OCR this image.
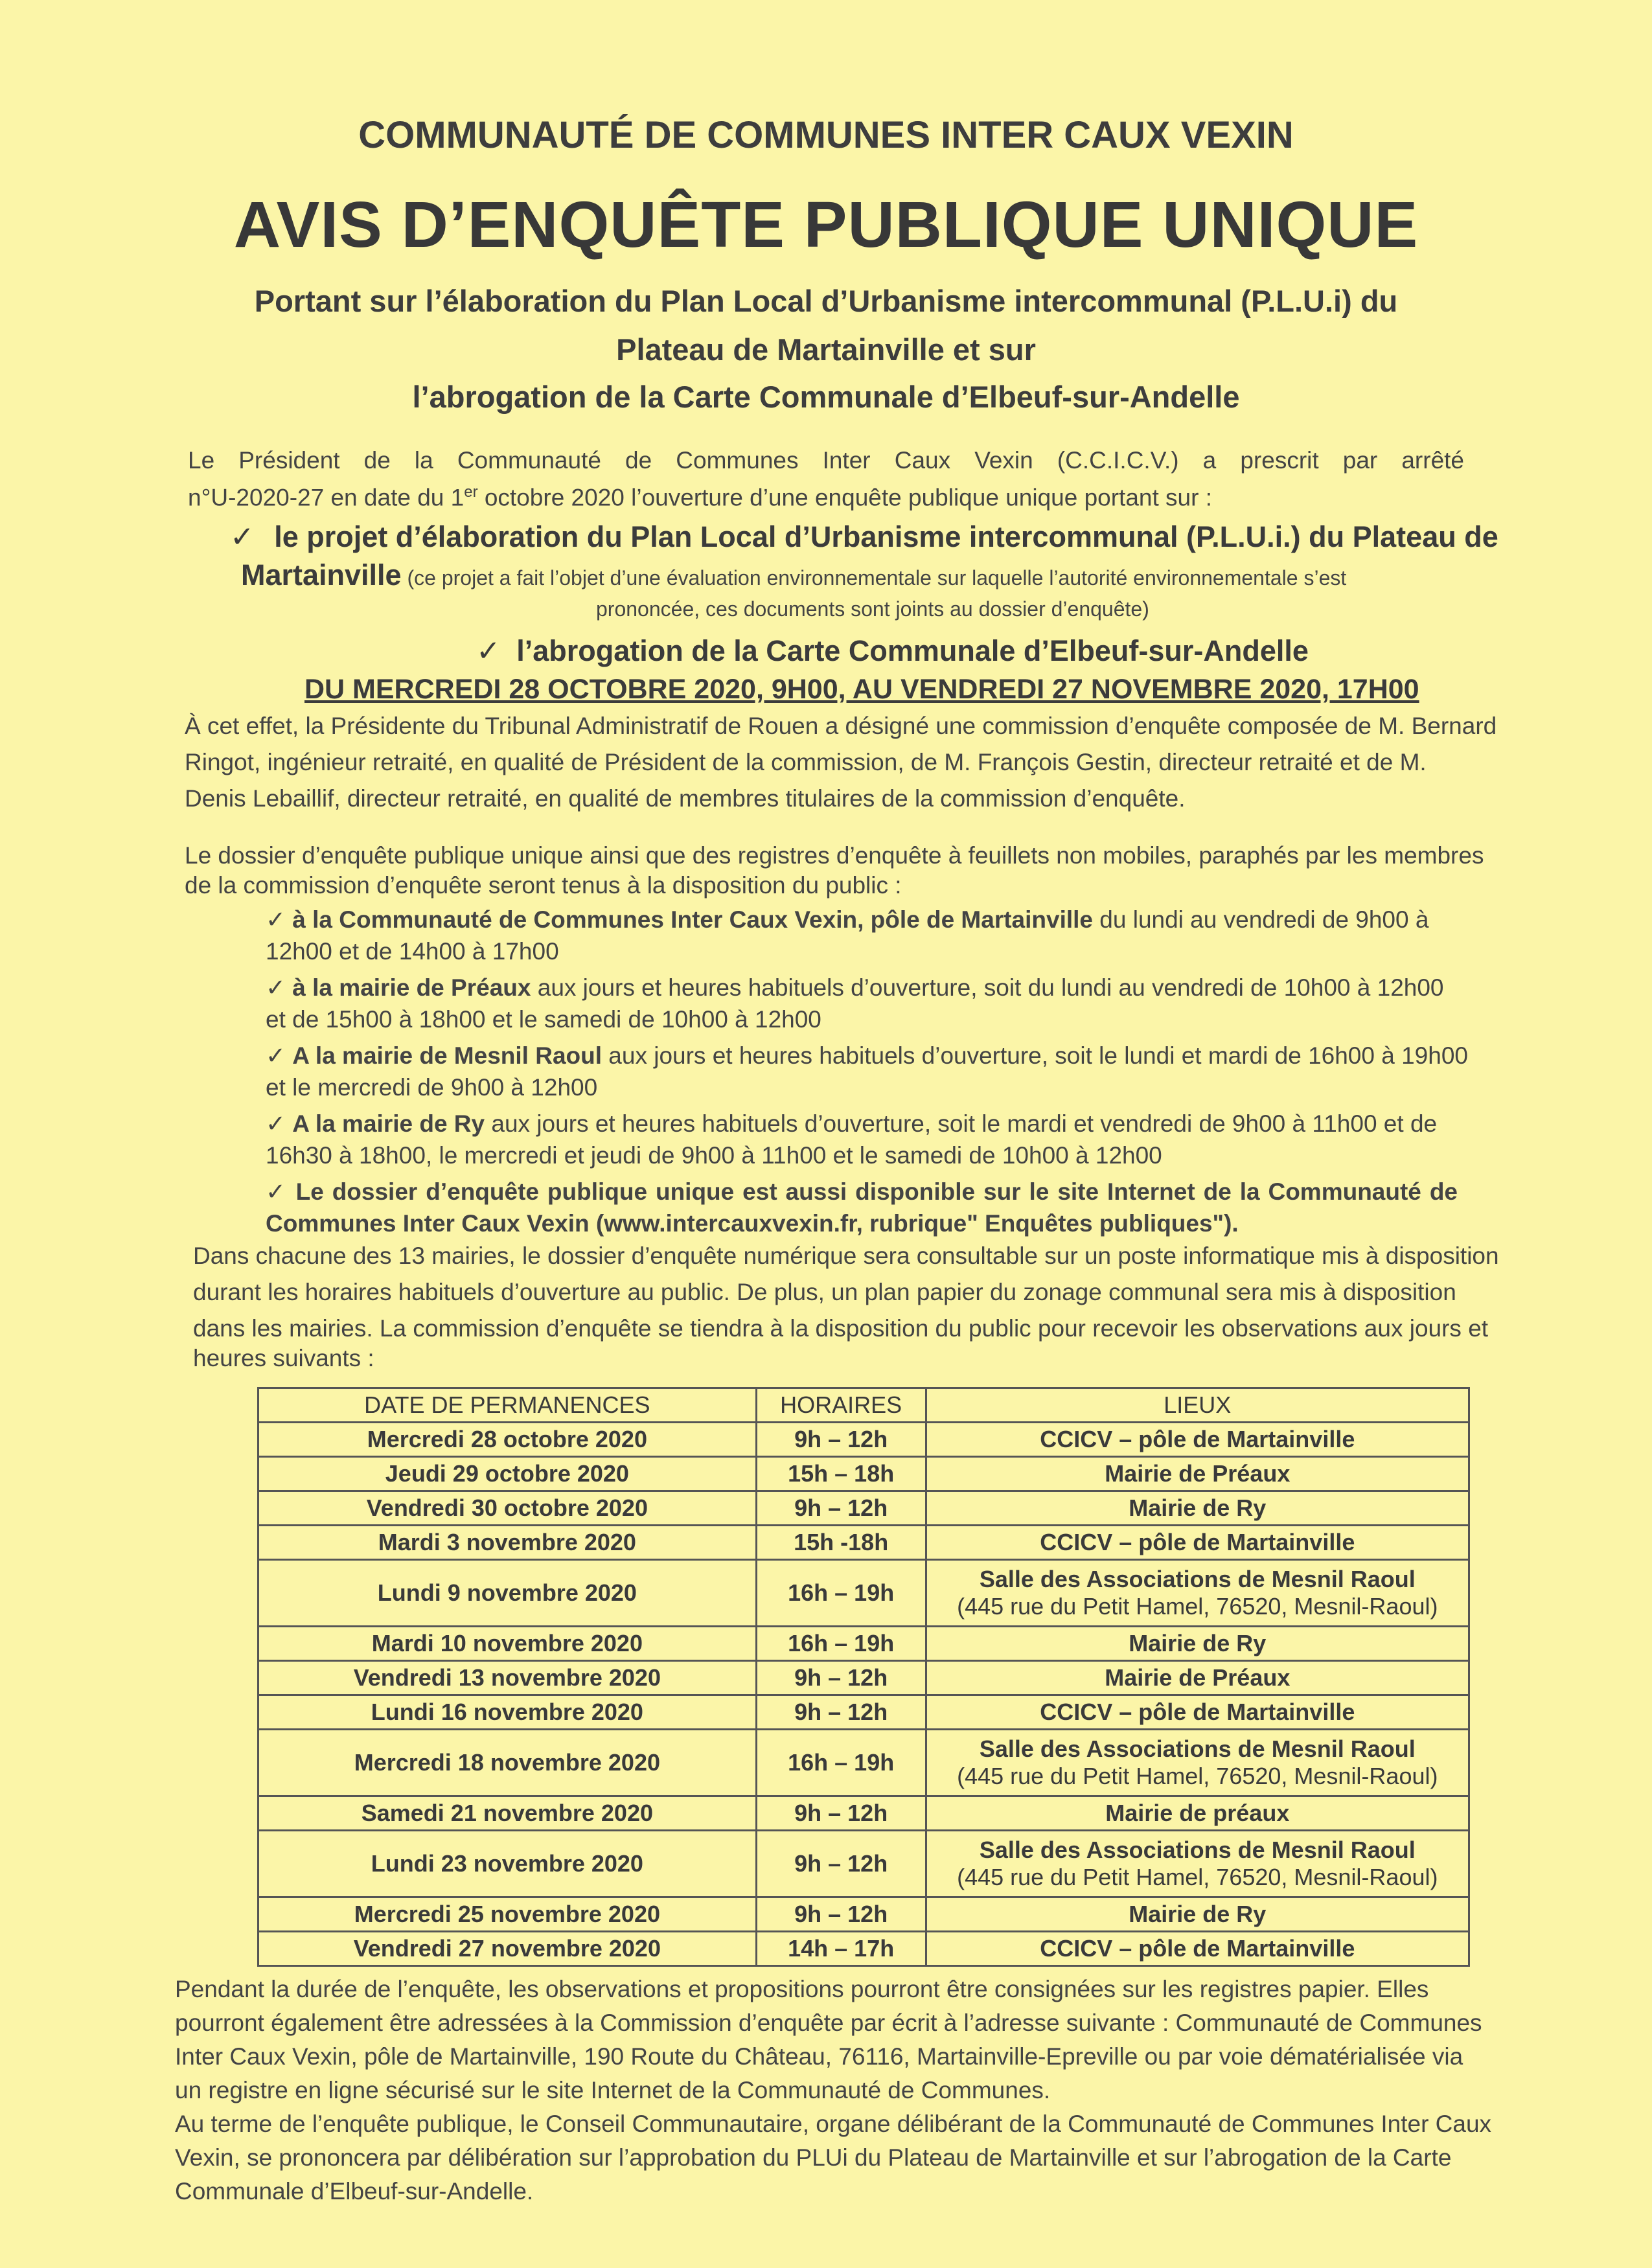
COMMUNAUTÉ DE COMMUNES INTER CAUX VEXIN
AVIS D’ENQUÊTE PUBLIQUE UNIQUE
Portant sur l’élaboration du Plan Local d’Urbanisme intercommunal (P.L.U.i) du
Plateau de Martainville et sur
l’abrogation de la Carte Communale d’Elbeuf-sur-Andelle
Le Président de la Communauté de Communes Inter Caux Vexin (C.C.I.C.V.) a prescrit par arrêté
n°U-2020-27 en date du 1er octobre 2020 l’ouverture d’une enquête publique unique portant sur :
✓ le projet d’élaboration du Plan Local d’Urbanisme intercommunal (P.L.U.i.) du Plateau de
Martainville (ce projet a fait l’objet d’une évaluation environnementale sur laquelle l’autorité environnementale s’est
prononcée, ces documents sont joints au dossier d’enquête)
✓ l’abrogation de la Carte Communale d’Elbeuf-sur-Andelle
DU MERCREDI 28 OCTOBRE 2020, 9H00, AU VENDREDI 27 NOVEMBRE 2020, 17H00
À cet effet, la Présidente du Tribunal Administratif de Rouen a désigné une commission d’enquête composée de M. Bernard
Ringot, ingénieur retraité, en qualité de Président de la commission, de M. François Gestin, directeur retraité et de M.
Denis Lebaillif, directeur retraité, en qualité de membres titulaires de la commission d’enquête.
Le dossier d’enquête publique unique ainsi que des registres d’enquête à feuillets non mobiles, paraphés par les membres
de la commission d’enquête seront tenus à la disposition du public :
✓ à la Communauté de Communes Inter Caux Vexin, pôle de Martainville du lundi au vendredi de 9h00 à
12h00 et de 14h00 à 17h00
✓ à la mairie de Préaux aux jours et heures habituels d’ouverture, soit du lundi au vendredi de 10h00 à 12h00
et de 15h00 à 18h00 et le samedi de 10h00 à 12h00
✓ A la mairie de Mesnil Raoul aux jours et heures habituels d’ouverture, soit le lundi et mardi de 16h00 à 19h00
et le mercredi de 9h00 à 12h00
✓ A la mairie de Ry aux jours et heures habituels d’ouverture, soit le mardi et vendredi de 9h00 à 11h00 et de
16h30 à 18h00, le mercredi et jeudi de 9h00 à 11h00 et le samedi de 10h00 à 12h00
✓ Le dossier d’enquête publique unique est aussi disponible sur le site Internet de la Communauté de
Communes Inter Caux Vexin (www.intercauxvexin.fr, rubrique" Enquêtes publiques").
Dans chacune des 13 mairies, le dossier d’enquête numérique sera consultable sur un poste informatique mis à disposition
durant les horaires habituels d’ouverture au public. De plus, un plan papier du zonage communal sera mis à disposition
dans les mairies. La commission d’enquête se tiendra à la disposition du public pour recevoir les observations aux jours et
heures suivants :
DATE DE PERMANENCES	HORAIRES	LIEUX
Mercredi 28 octobre 2020	9h – 12h	CCICV – pôle de Martainville

Jeudi 29 octobre 2020	15h – 18h	Mairie de Préaux

Vendredi 30 octobre 2020	9h – 12h	Mairie de Ry

Mardi 3 novembre 2020	15h -18h	CCICV – pôle de Martainville

Lundi 9 novembre 2020	16h – 19h	Salle des Associations de Mesnil Raoul
(445 rue du Petit Hamel, 76520, Mesnil-Raoul)

Mardi 10 novembre 2020	16h – 19h	Mairie de Ry

Vendredi 13 novembre 2020	9h – 12h	Mairie de Préaux

Lundi 16 novembre 2020	9h – 12h	CCICV – pôle de Martainville

Mercredi 18 novembre 2020	16h – 19h	Salle des Associations de Mesnil Raoul
(445 rue du Petit Hamel, 76520, Mesnil-Raoul)

Samedi 21 novembre 2020	9h – 12h	Mairie de préaux

Lundi 23 novembre 2020	9h – 12h	Salle des Associations de Mesnil Raoul
(445 rue du Petit Hamel, 76520, Mesnil-Raoul)

Mercredi 25 novembre 2020	9h – 12h	Mairie de Ry

Vendredi 27 novembre 2020	14h – 17h	CCICV – pôle de Martainville
Pendant la durée de l’enquête, les observations et propositions pourront être consignées sur les registres papier. Elles
pourront également être adressées à la Commission d’enquête par écrit à l’adresse suivante : Communauté de Communes
Inter Caux Vexin, pôle de Martainville, 190 Route du Château, 76116, Martainville-Epreville ou par voie dématérialisée via
un registre en ligne sécurisé sur le site Internet de la Communauté de Communes.
Au terme de l’enquête publique, le Conseil Communautaire, organe délibérant de la Communauté de Communes Inter Caux
Vexin, se prononcera par délibération sur l’approbation du PLUi du Plateau de Martainville et sur l’abrogation de la Carte
Communale d’Elbeuf-sur-Andelle.
